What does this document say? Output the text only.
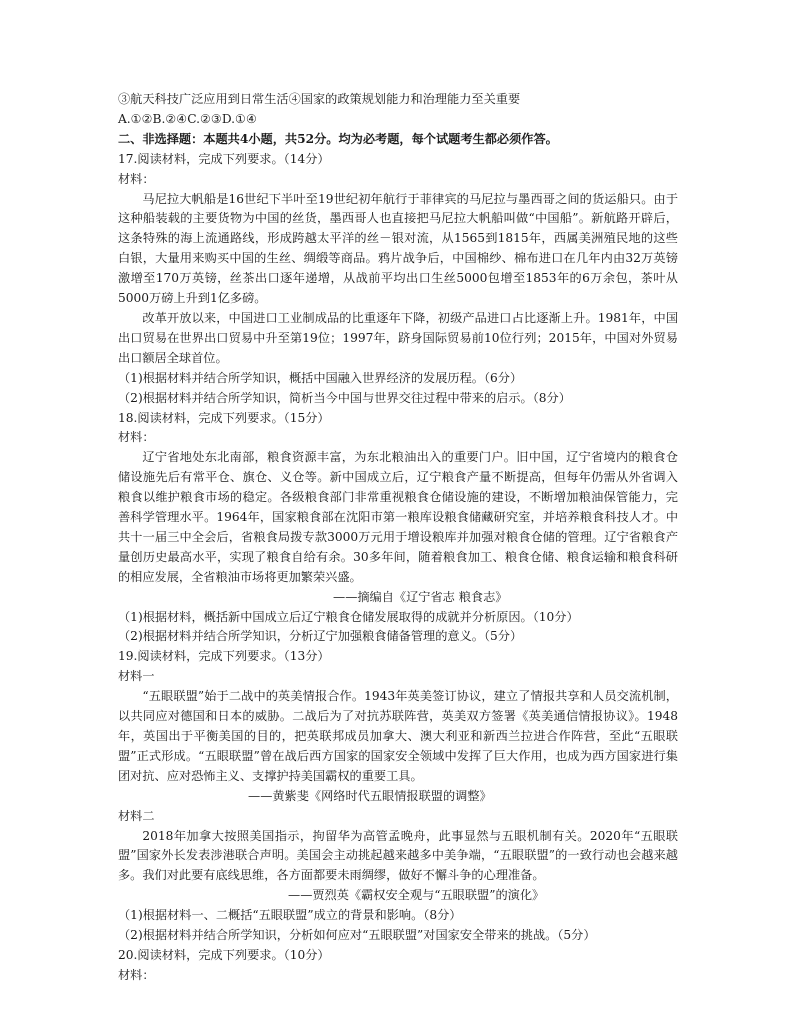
③航天科技广泛应用到日常生活④国家的政策规划能力和治理能力至关重要
A.①②B.②④C.②③D.①④
二、非选择题：本题共4小题，共52分。均为必考题，每个试题考生都必须作答。
17.阅读材料，完成下列要求。（14分）
材料：
马尼拉大帆船是16世纪下半叶至19世纪初年航行于菲律宾的马尼拉与墨西哥之间的货运船只。由于这种船装载的主要货物为中国的丝货，墨西哥人也直接把马尼拉大帆船叫做“中国船”。新航路开辟后，这条特殊的海上流通路线，形成跨越太平洋的丝－银对流，从1565到1815年，西属美洲殖民地的这些白银，大量用来购买中国的生丝、绸缎等商品。鸦片战争后，中国棉纱、棉布进口在几年内由32万英镑激增至170万英镑，丝茶出口逐年递增，从战前平均出口生丝5000包增至1853年的6万余包，茶叶从5000万磅上升到1亿多磅。
改革开放以来，中国进口工业制成品的比重逐年下降，初级产品进口占比逐渐上升。1981年，中国出口贸易在世界出口贸易中升至第19位；1997年，跻身国际贸易前10位行列；2015年，中国对外贸易出口额居全球首位。
（1)根据材料并结合所学知识，概括中国融入世界经济的发展历程。（6分）
（2)根据材料并结合所学知识，简析当今中国与世界交往过程中带来的启示。（8分）
18.阅读材料，完成下列要求。（15分）
材料：
辽宁省地处东北南部，粮食资源丰富，为东北粮油出入的重要门户。旧中国，辽宁省境内的粮食仓储设施先后有常平仓、旗仓、义仓等。新中国成立后，辽宁粮食产量不断提高，但每年仍需从外省调入粮食以维护粮食市场的稳定。各级粮食部门非常重视粮食仓储设施的建设，不断增加粮油保管能力，完善科学管理水平。1964年，国家粮食部在沈阳市第一粮库设粮食储藏研究室，并培养粮食科技人才。中共十一届三中全会后，省粮食局拨专款3000万元用于增设粮库并加强对粮食仓储的管理。辽宁省粮食产量创历史最高水平，实现了粮食自给有余。30多年间，随着粮食加工、粮食仓储、粮食运输和粮食科研的相应发展，全省粮油市场将更加繁荣兴盛。
——摘编自《辽宁省志 粮食志》
（1)根据材料，概括新中国成立后辽宁粮食仓储发展取得的成就并分析原因。（10分）
（2)根据材料并结合所学知识，分析辽宁加强粮食储备管理的意义。（5分）
19.阅读材料，完成下列要求。（13分）
材料一
“五眼联盟”始于二战中的英美情报合作。1943年英美签订协议，建立了情报共享和人员交流机制，以共同应对德国和日本的威胁。二战后为了对抗苏联阵营，英美双方签署《英美通信情报协议》。1948年，英国出于平衡美国的目的，把英联邦成员加拿大、澳大利亚和新西兰拉进合作阵营，至此“五眼联盟”正式形成。“五眼联盟”曾在战后西方国家的国家安全领域中发挥了巨大作用，也成为西方国家进行集团对抗、应对恐怖主义、支撑护持美国霸权的重要工具。
——黄紫斐《网络时代五眼情报联盟的调整》
材料二
2018年加拿大按照美国指示，拘留华为高管孟晚舟，此事显然与五眼机制有关。2020年“五眼联盟”国家外长发表涉港联合声明。美国会主动挑起越来越多中美争端，“五眼联盟”的一致行动也会越来越多。我们对此要有底线思维，各方面都要未雨绸缪，做好不懈斗争的心理准备。
——贾烈英《霸权安全观与“五眼联盟”的演化》
（1)根据材料一、二概括“五眼联盟”成立的背景和影响。（8分）
（2)根据材料并结合所学知识，分析如何应对“五眼联盟”对国家安全带来的挑战。（5分）
20.阅读材料，完成下列要求。（10分）
材料：
